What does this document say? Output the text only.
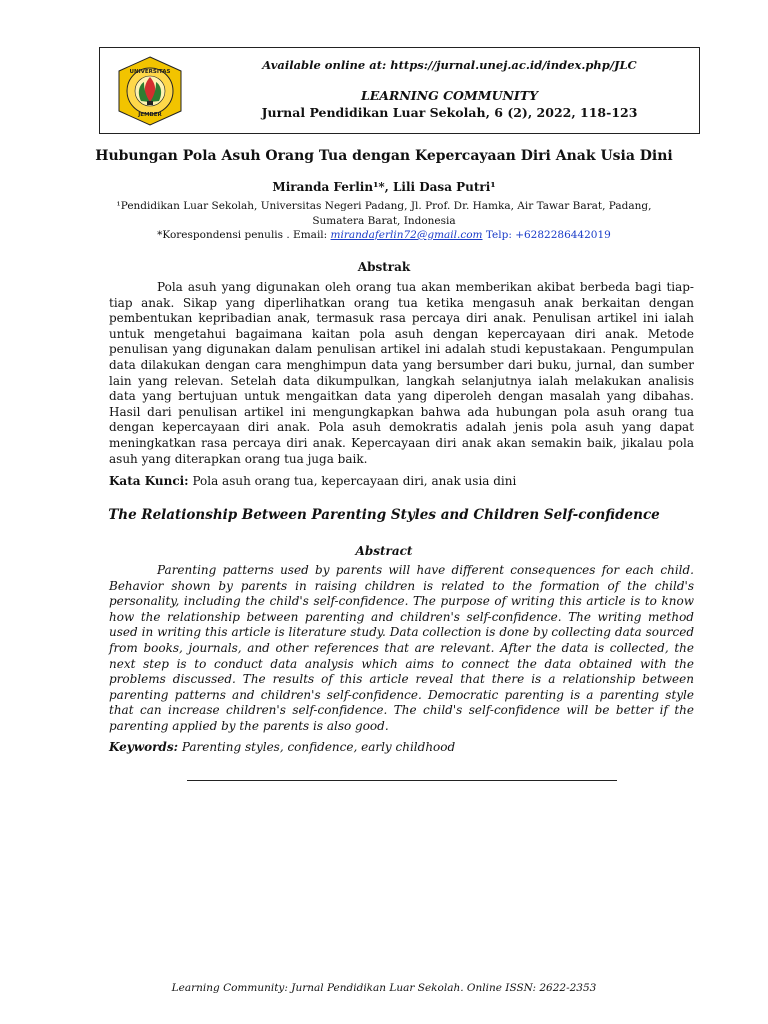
UNIVERSITAS
JEMBER
Available online at: https://jurnal.unej.ac.id/index.php/JLC
LEARNING COMMUNITY
Jurnal Pendidikan Luar Sekolah, 6 (2), 2022, 118-123
Hubungan Pola Asuh Orang Tua dengan Kepercayaan Diri Anak Usia Dini
Miranda Ferlin¹*, Lili Dasa Putri¹
¹Pendidikan Luar Sekolah, Universitas Negeri Padang, Jl. Prof. Dr. Hamka, Air Tawar Barat, Padang,
Sumatera Barat, Indonesia
*Korespondensi penulis . Email: mirandaferlin72@gmail.com Telp: +6282286442019
Abstrak

Pola asuh yang digunakan oleh orang tua akan memberikan akibat berbeda bagi tiap-tiap anak. Sikap yang diperlihatkan orang tua ketika mengasuh anak berkaitan dengan pembentukan kepribadian anak, termasuk rasa percaya diri anak. Penulisan artikel ini ialah untuk mengetahui bagaimana kaitan pola asuh dengan kepercayaan diri anak. Metode penulisan yang digunakan dalam penulisan artikel ini adalah studi kepustakaan. Pengumpulan data dilakukan dengan cara menghimpun data yang bersumber dari buku, jurnal, dan sumber lain yang relevan. Setelah data dikumpulkan, langkah selanjutnya ialah melakukan analisis data yang bertujuan untuk mengaitkan data yang diperoleh dengan masalah yang dibahas. Hasil dari penulisan artikel ini mengungkapkan bahwa ada hubungan pola asuh orang tua dengan kepercayaan diri anak. Pola asuh demokratis adalah jenis pola asuh yang dapat meningkatkan rasa percaya diri anak. Kepercayaan diri anak akan semakin baik, jikalau pola asuh yang diterapkan orang tua juga baik.

Kata Kunci: Pola asuh orang tua, kepercayaan diri, anak usia dini
The Relationship Between Parenting Styles and Children Self-confidence
Abstract

Parenting patterns used by parents will have different consequences for each child. Behavior shown by parents in raising children is related to the formation of the child's personality, including the child's self-confidence. The purpose of writing this article is to know how the relationship between parenting and children's self-confidence. The writing method used in writing this article is literature study. Data collection is done by collecting data sourced from books, journals, and other references that are relevant. After the data is collected, the next step is to conduct data analysis which aims to connect the data obtained with the problems discussed. The results of this article reveal that there is a relationship between parenting patterns and children's self-confidence. Democratic parenting is a parenting style that can increase children's self-confidence. The child's self-confidence will be better if the parenting applied by the parents is also good.

Keywords: Parenting styles, confidence, early childhood
Learning Community: Jurnal Pendidikan Luar Sekolah. Online ISSN: 2622-2353
